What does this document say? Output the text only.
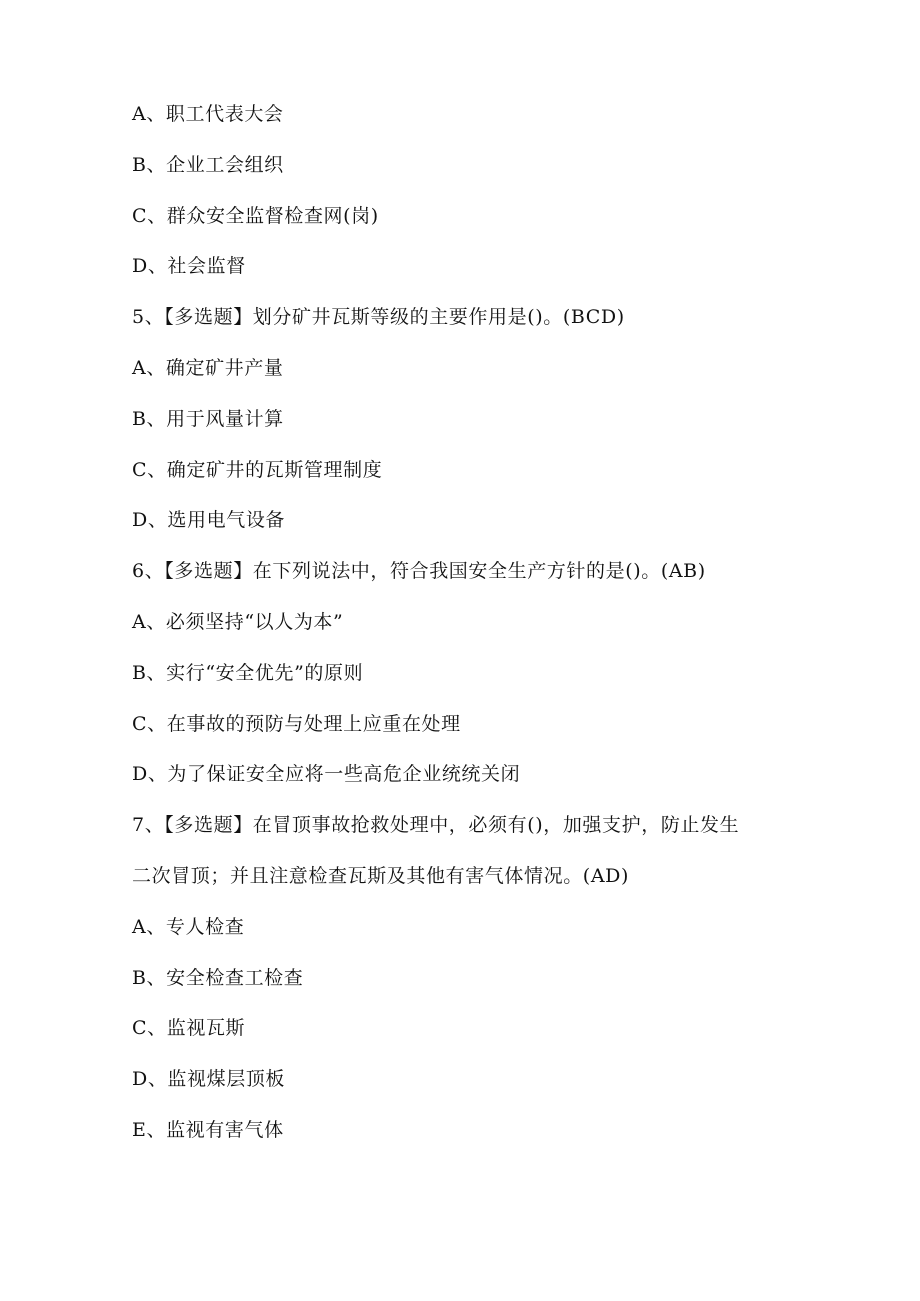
A、职工代表大会
B、企业工会组织
C、群众安全监督检查网(岗)
D、社会监督
5、【多选题】划分矿井瓦斯等级的主要作用是()。(BCD)
A、确定矿井产量
B、用于风量计算
C、确定矿井的瓦斯管理制度
D、选用电气设备
6、【多选题】在下列说法中，符合我国安全生产方针的是()。(AB)
A、必须坚持“以人为本”
B、实行“安全优先”的原则
C、在事故的预防与处理上应重在处理
D、为了保证安全应将一些高危企业统统关闭
7、【多选题】在冒顶事故抢救处理中，必须有()，加强支护，防止发生
二次冒顶；并且注意检查瓦斯及其他有害气体情况。(AD)
A、专人检查
B、安全检查工检查
C、监视瓦斯
D、监视煤层顶板
E、监视有害气体
